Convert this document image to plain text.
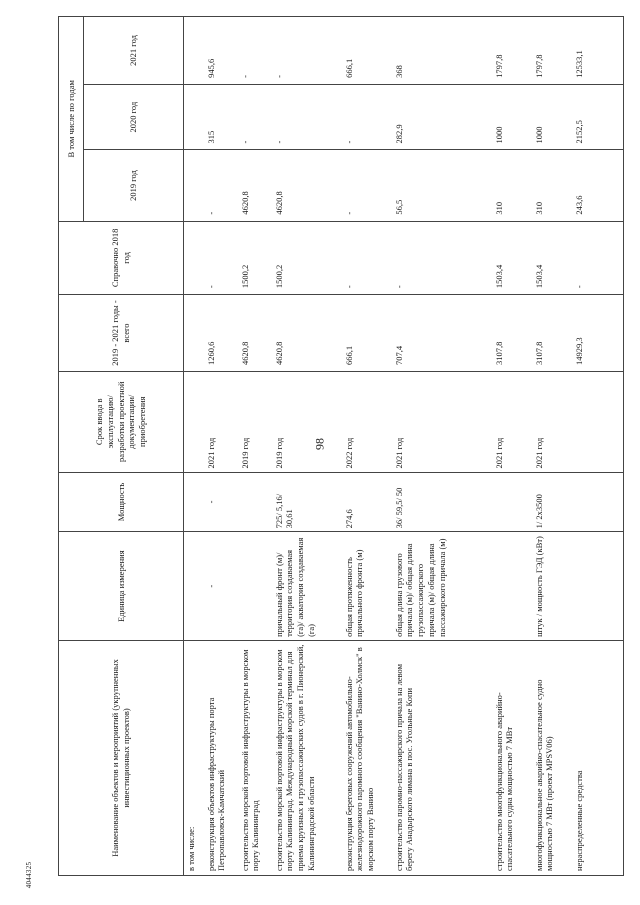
98
4044325
Наименование объектов и мероприятий (укрупненных инвестиционных проектов)	Единица измерения	Мощность	Срок ввода в эксплуатацию/ разработки проектной документации/ приобретения	2019 - 2021 годы - всего	Справочно 2018 год	В том числе по годам		
						2019 год	2020 год	2021 год
в том числе:								
реконструкция объектов инфраструктуры порта Петропавловск-Камчатский	-	-	2021 год	1260,6	-	-	315	945,6
строительство морской портовой инфраструктуры в морском порту Калининград			2019 год	4620,8	1500,2	4620,8	-	-
строительство морской портовой инфраструктуры в морском порту Калининград. Международный морской терминал для приема круизных и грузопассажирских судов в г. Пионерский, Калининградской области	причальный фронт (м)/ территория создаваемая (га)/ акватория создаваемая (га)	725/ 5,16/ 30,61	2019 год	4620,8	1500,2	4620,8	-	-
реконструкция береговых сооружений автомобильно-железнодорожного паромного сообщения "Ванино-Холмск" в морском порту Ванино	общая протяженность причального фронта (м)	274,6	2022 год	666,1	-	-	-	666,1
строительство паромно-пассажирского причала на левом берегу Анадырского лимана в пос. Угольные Копи	общая длина грузового причала (м)/ общая длина грузопассажирского причала (м)/ общая длина пассажирского причала (м)	36/ 59,5/ 50	2021 год	707,4	-	56,5	282,9	368
строительство многофункционального аварийно-спасательного судна мощностью 7 МВт			2021 год	3107,8	1503,4	310	1000	1797,8
многофункциональное аварийно-спасательное судно мощностью 7 МВт (проект MPSV06)	штук / мощность ГЭД (кВт)	1/ 2х3500	2021 год	3107,8	1503,4	310	1000	1797,8
нераспределенные средства				14929,3	-	243,6	2152,5	12533,1
